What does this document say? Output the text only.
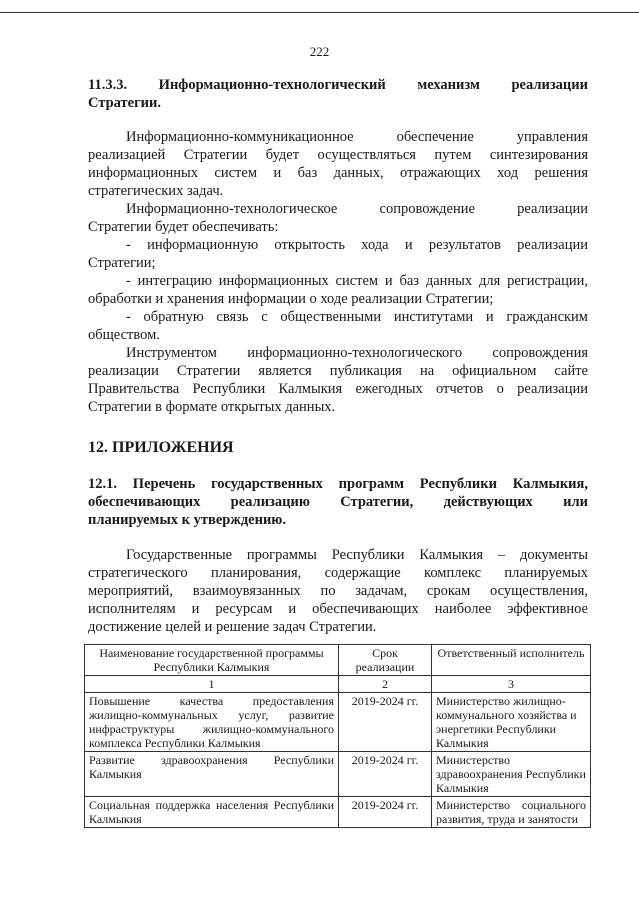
222
11.3.3. Информационно-технологический механизм реализации
Стратегии.
Информационно-коммуникационное обеспечение управления
реализацией Стратегии будет осуществляться путем синтезирования
информационных систем и баз данных, отражающих ход решения
стратегических задач.
Информационно-технологическое сопровождение реализации
Стратегии будет обеспечивать:
- информационную открытость хода и результатов реализации
Стратегии;
- интеграцию информационных систем и баз данных для регистрации,
обработки и хранения информации о ходе реализации Стратегии;
- обратную связь с общественными институтами и гражданским
обществом.
Инструментом информационно-технологического сопровождения
реализации Стратегии является публикация на официальном сайте
Правительства Республики Калмыкия ежегодных отчетов о реализации
Стратегии в формате открытых данных.
12. ПРИЛОЖЕНИЯ
12.1. Перечень государственных программ Республики Калмыкия,
обеспечивающих реализацию Стратегии, действующих или
планируемых к утверждению.
Государственные программы Республики Калмыкия – документы
стратегического планирования, содержащие комплекс планируемых
мероприятий, взаимоувязанных по задачам, срокам осуществления,
исполнителям и ресурсам и обеспечивающих наиболее эффективное
достижение целей и решение задач Стратегии.
Наименование государственной программы Республики Калмыкия	Срок реализации	Ответственный исполнитель
1	2	3
Повышение качества предоставления жилищно-коммунальных услуг, развитие инфраструктуры жилищно-коммунального комплекса Республики Калмыкия	2019-2024 гг.	Министерство жилищно-коммунального хозяйства и энергетики Республики Калмыкия
Развитие здравоохранения Республики Калмыкия	2019-2024 гг.	Министерство здравоохранения Республики Калмыкия
Социальная поддержка населения Республики Калмыкия	2019-2024 гг.	Министерство социального развития, труда и занятости
